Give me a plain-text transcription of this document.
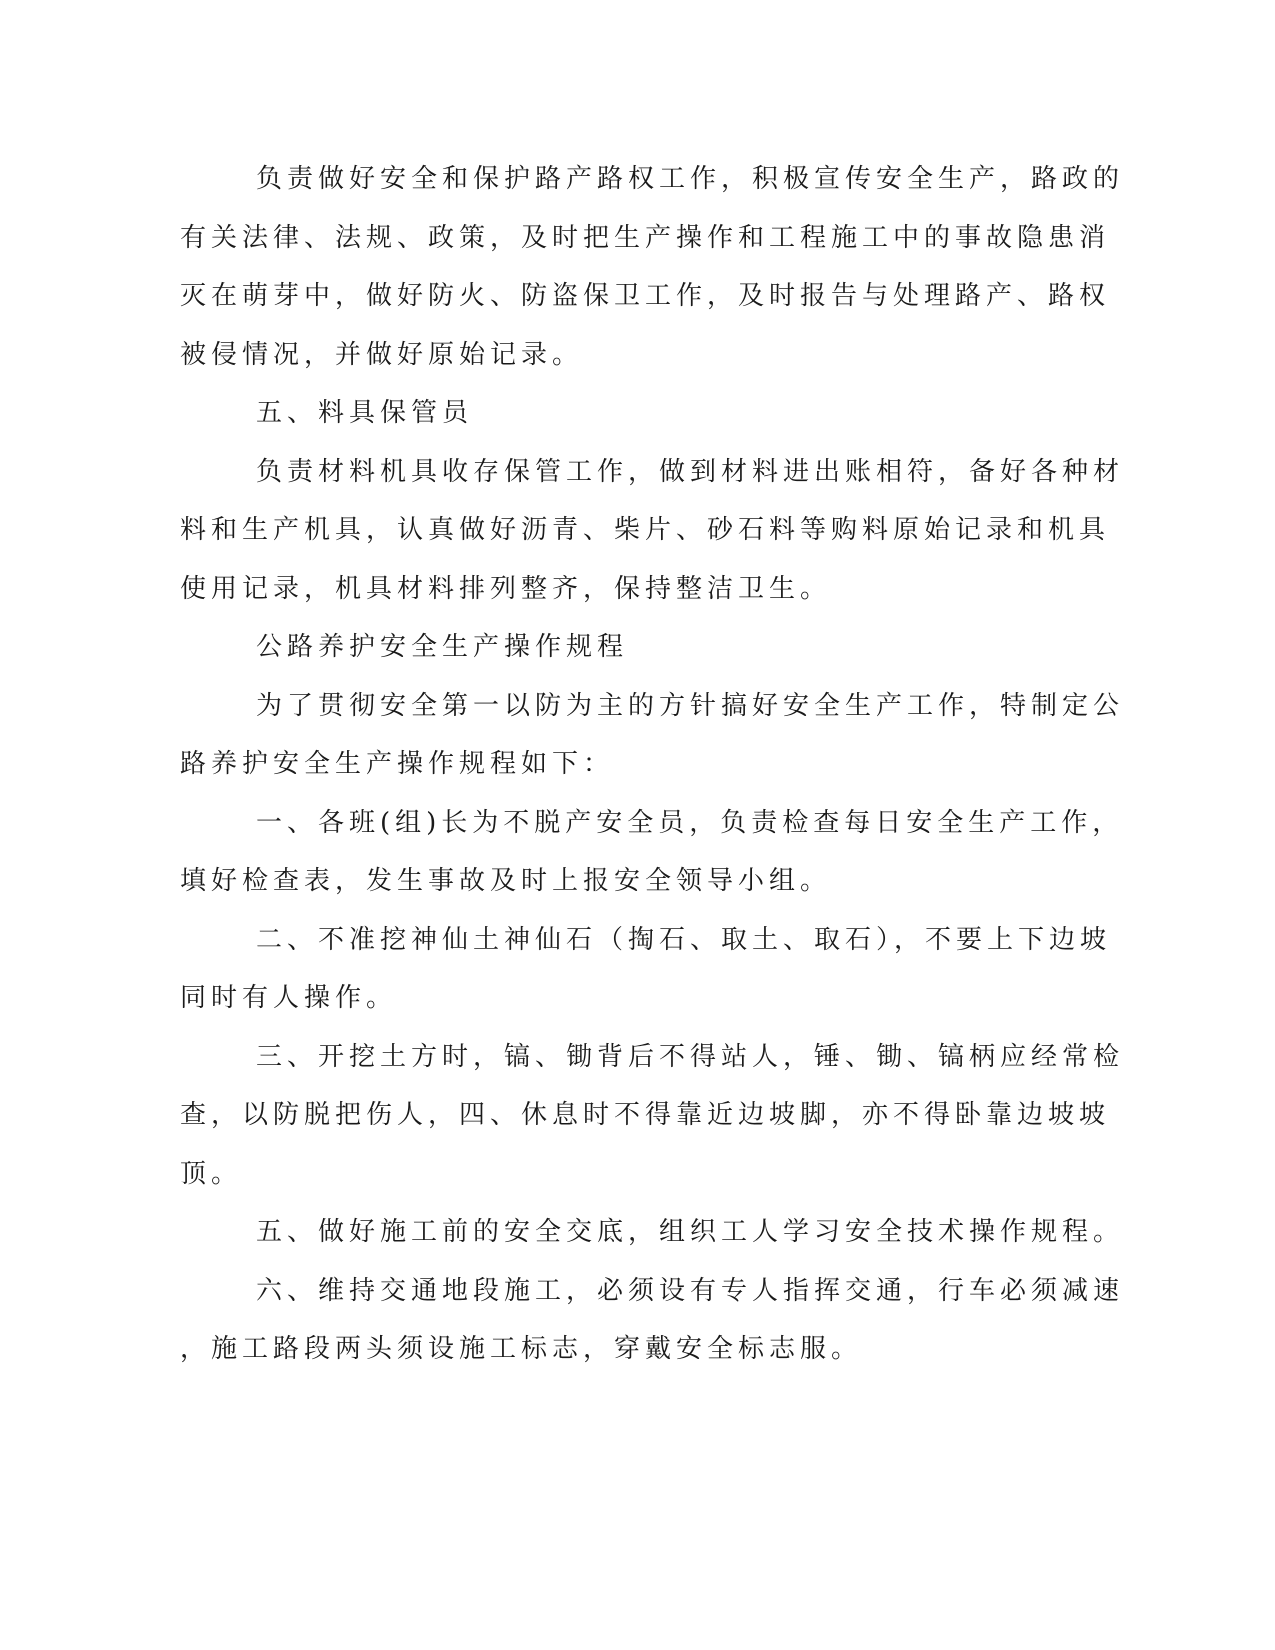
负责做好安全和保护路产路权工作，积极宣传安全生产，路政的
有关法律、法规、政策，及时把生产操作和工程施工中的事故隐患消
灭在萌芽中，做好防火、防盗保卫工作，及时报告与处理路产、路权
被侵情况，并做好原始记录。

五、料具保管员

负责材料机具收存保管工作，做到材料进出账相符，备好各种材
料和生产机具，认真做好沥青、柴片、砂石料等购料原始记录和机具
使用记录，机具材料排列整齐，保持整洁卫生。

公路养护安全生产操作规程

为了贯彻安全第一以防为主的方针搞好安全生产工作，特制定公
路养护安全生产操作规程如下：

一、各班(组)长为不脱产安全员，负责检查每日安全生产工作，
填好检查表，发生事故及时上报安全领导小组。

二、不准挖神仙土神仙石（掏石、取土、取石），不要上下边坡
同时有人操作。

三、开挖土方时，镐、锄背后不得站人，锤、锄、镐柄应经常检
查，以防脱把伤人，四、休息时不得靠近边坡脚，亦不得卧靠边坡坡
顶。

五、做好施工前的安全交底，组织工人学习安全技术操作规程。

六、维持交通地段施工，必须设有专人指挥交通，行车必须减速
，施工路段两头须设施工标志，穿戴安全标志服。
